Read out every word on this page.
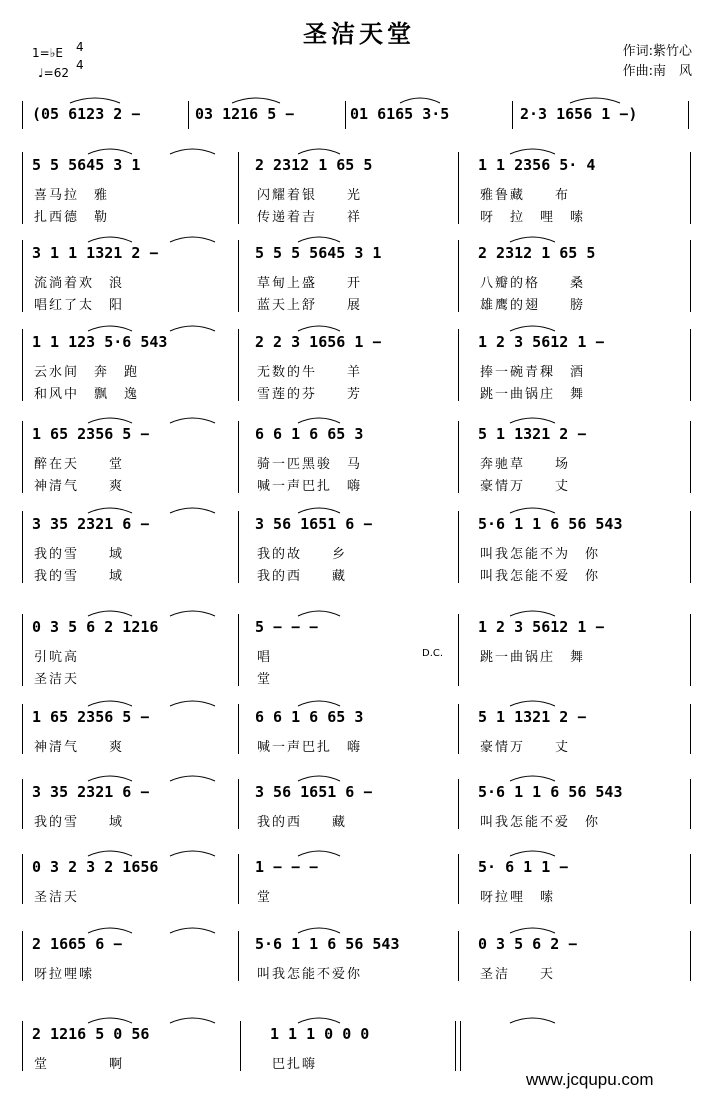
圣洁天堂
1=♭E 4
4
♩=62
作词:紫竹心
作曲:南　风
(05 6123 2 −	03 1216 5 −	01 6165 3·5	2·3 1656 1 −)
5 5 5645 3 1	2 2312 1 65 5	1 1 2356 5· 4
喜马拉　雅	闪耀着银　　光	雅鲁藏　　布
扎西德　勒	传递着吉　　祥	呀　拉　哩　嗦
3 1 1 1321 2 −	5 5 5 5645 3 1	2 2312 1 65 5
流淌着欢　浪	草甸上盛　　开	八瓣的格　　桑
唱红了太　阳	蓝天上舒　　展	雄鹰的翅　　膀
1 1 123 5·6 543	2 2 3 1656 1 −	1 2 3 5612 1 −
云水间　奔　跑	无数的牛　　羊	捧一碗青稞　酒
和风中　飘　逸	雪莲的芬　　芳	跳一曲锅庄　舞
1 65 2356 5 −	6 6 1 6 65 3	5 1 1321 2 −
醉在天　　堂	骑一匹黑骏　马	奔驰草　　场
神清气　　爽	喊一声巴扎　嗨	豪情万　　丈
3 35 2321 6 −	3 56 1651 6 −	5·6 1 1 6 56 543
我的雪　　域	我的故　　乡	叫我怎能不为　你
我的雪　　域	我的西　　藏	叫我怎能不爱　你
0 3 5 6 2 1216	5 − − −	1 2 3 5612 1 −
引吭高　　　	唱	跳一曲锅庄　舞
圣洁天	堂
D.C.
1 65 2356 5 −	6 6 1 6 65 3	5 1 1321 2 −
神清气　　爽	喊一声巴扎　嗨	豪情万　　丈
3 35 2321 6 −	3 56 1651 6 −	5·6 1 1 6 56 543
我的雪　　域	我的西　　藏	叫我怎能不爱　你
0 3 2 3 2 1656	1 − − −	5· 6 1 1 −
圣洁天	堂	呀拉哩　嗦
2 1665 6 −	5·6 1 1 6 56 543	0 3 5 6 2 −
呀拉哩嗦	叫我怎能不爱你	圣洁　　天
2 1216 5 0 56	1 1 1 0 0 0
堂　　　　啊	巴扎嗨
www.jcqupu.com
